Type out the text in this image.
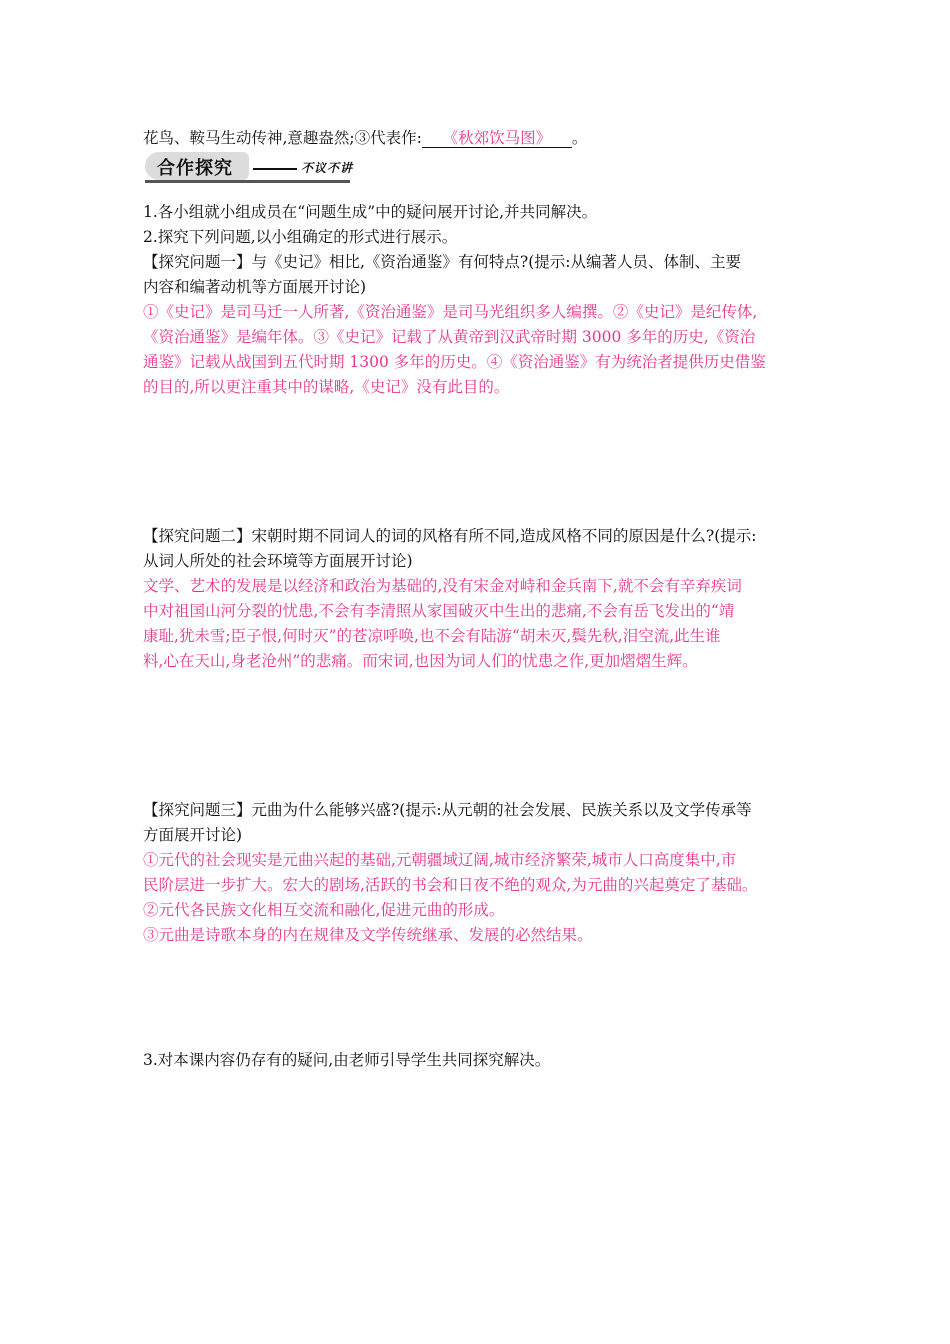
花鸟、鞍马生动传神,意趣盎然;③代表作: 《秋郊饮马图》 。
合作探究	不议不讲
1.各小组就小组成员在“问题生成”中的疑问展开讨论,并共同解决。
2.探究下列问题,以小组确定的形式进行展示。
【探究问题一】与《史记》相比,《资治通鉴》有何特点?(提示:从编著人员、体制、主要
内容和编著动机等方面展开讨论)
①《史记》是司马迁一人所著,《资治通鉴》是司马光组织多人编撰。②《史记》是纪传体,
《资治通鉴》是编年体。③《史记》记载了从黄帝到汉武帝时期 3000 多年的历史,《资治
通鉴》记载从战国到五代时期 1300 多年的历史。④《资治通鉴》有为统治者提供历史借鉴
的目的,所以更注重其中的谋略,《史记》没有此目的。
【探究问题二】宋朝时期不同词人的词的风格有所不同,造成风格不同的原因是什么?(提示:
从词人所处的社会环境等方面展开讨论)
文学、艺术的发展是以经济和政治为基础的,没有宋金对峙和金兵南下,就不会有辛弃疾词
中对祖国山河分裂的忧患,不会有李清照从家国破灭中生出的悲痛,不会有岳飞发出的“靖
康耻,犹未雪;臣子恨,何时灭”的苍凉呼唤,也不会有陆游“胡未灭,鬓先秋,泪空流,此生谁
料,心在天山,身老沧州”的悲痛。而宋词,也因为词人们的忧患之作,更加熠熠生辉。
【探究问题三】元曲为什么能够兴盛?(提示:从元朝的社会发展、民族关系以及文学传承等
方面展开讨论)
①元代的社会现实是元曲兴起的基础,元朝疆域辽阔,城市经济繁荣,城市人口高度集中,市
民阶层进一步扩大。宏大的剧场,活跃的书会和日夜不绝的观众,为元曲的兴起奠定了基础。
②元代各民族文化相互交流和融化,促进元曲的形成。
③元曲是诗歌本身的内在规律及文学传统继承、发展的必然结果。
3.对本课内容仍存有的疑问,由老师引导学生共同探究解决。
